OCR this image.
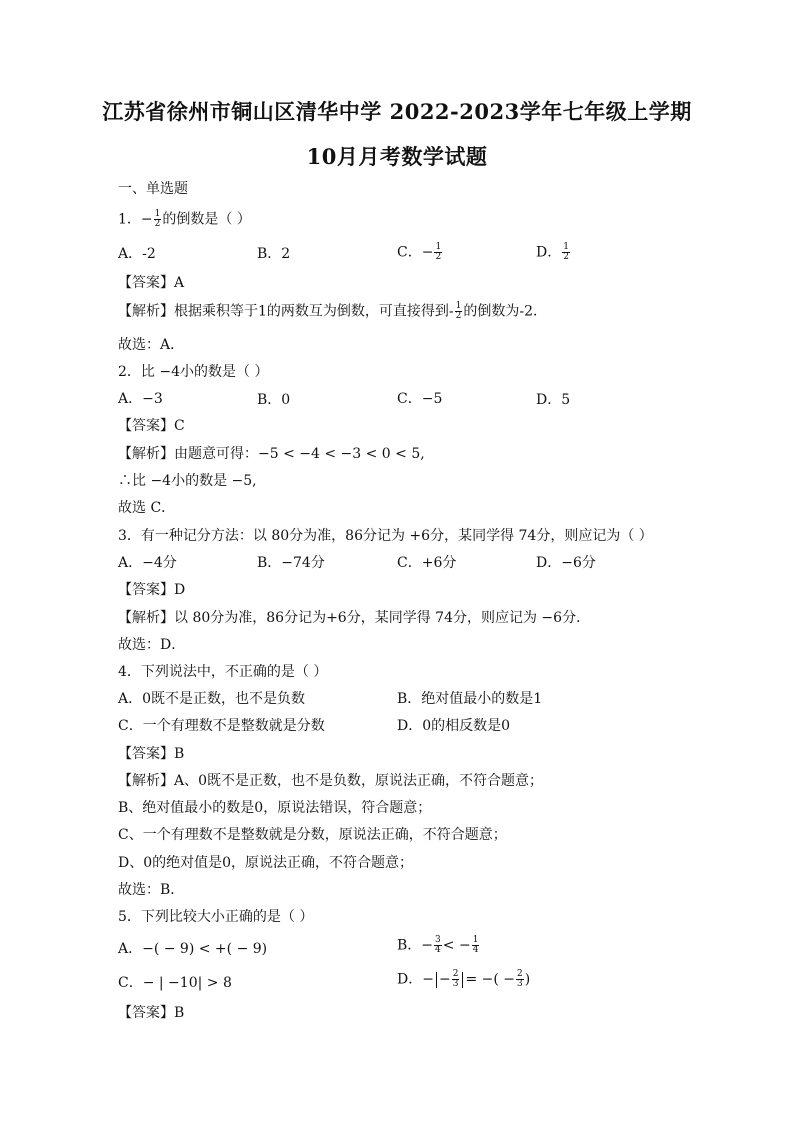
江苏省徐州市铜山区清华中学 2022-2023学年七年级上学期
10月月考数学试题
一、单选题
1．− $\frac{1}{2}$ 的倒数是（ ）
A．-2	B．2	C．− $\frac{1}{2}$	D． $\frac{1}{2}$
【答案】A
【解析】根据乘积等于1的两数互为倒数，可直接得到- $\frac{1}{2}$ 的倒数为-2．
故选：A．
2．比 −4小的数是（ ）
A．−3	B．0	C．−5	D．5
【答案】C
【解析】由题意可得：−5 < −4 < −3 < 0 < 5,
∴比 −4小的数是 −5,
故选 C．
3．有一种记分方法：以 80分为准，86分记为 +6分，某同学得 74分，则应记为（ ）
A．−4分	B．−74分	C．+6分	D．−6分
【答案】D
【解析】以 80分为准，86分记为+6分，某同学得 74分，则应记为 −6分．
故选：D．
4．下列说法中，不正确的是（ ）
A．0既不是正数，也不是负数	B．绝对值最小的数是1
C．一个有理数不是整数就是分数	D．0的相反数是0
【答案】B
【解析】A、0既不是正数，也不是负数，原说法正确，不符合题意；
B、绝对值最小的数是0，原说法错误，符合题意；
C、一个有理数不是整数就是分数，原说法正确，不符合题意；
D、0的绝对值是0，原说法正确，不符合题意；
故选：B．
5．下列比较大小正确的是（ ）
A．−( − 9) < +( − 9)	B．− $\frac{3}{4}$ < − $\frac{1}{4}$
C．− | −10| > 8	D．− − $\frac{2}{3}$ = −( − $\frac{2}{3}$ )
【答案】B
